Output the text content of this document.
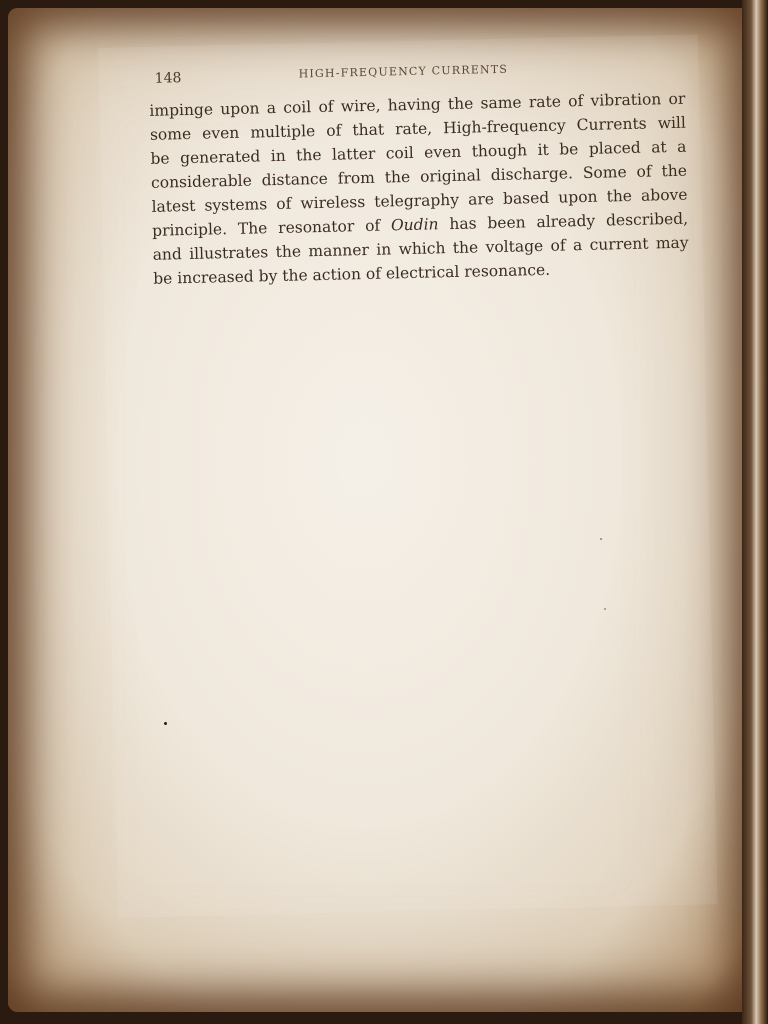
148	HIGH-FREQUENCY CURRENTS
impinge upon a coil of wire, having the same rate of vibration or
some even multiple of that rate, High-frequency Currents will
be generated in the latter coil even though it be placed at a
considerable distance from the original discharge. Some of the
latest systems of wireless telegraphy are based upon the above
principle. The resonator of Oudin has been already described,
and illustrates the manner in which the voltage of a current may
be increased by the action of electrical resonance.
